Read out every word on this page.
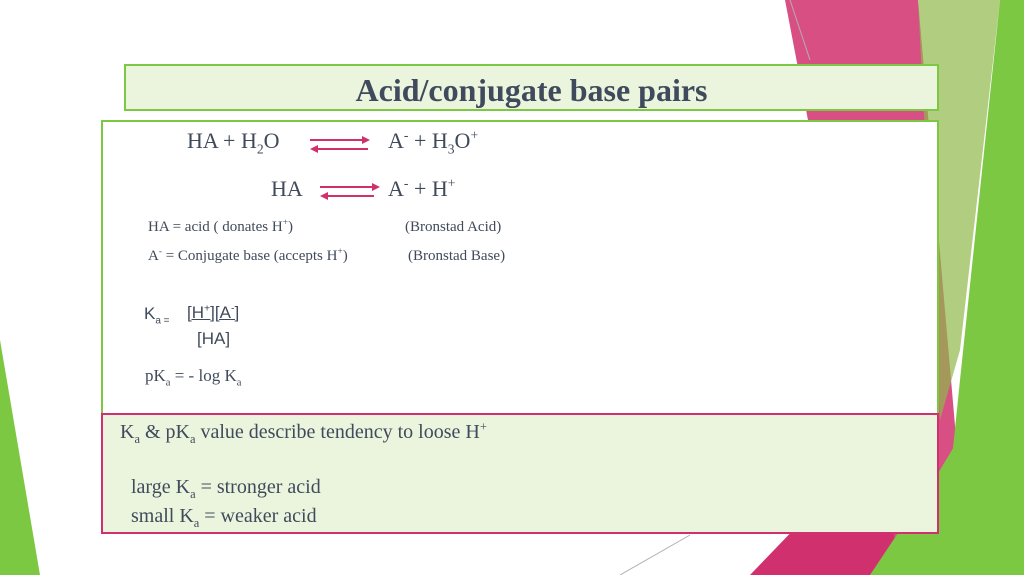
Acid/conjugate base pairs
HA + $H_2O$ ⇌ $A^- + H_3O^+$
HA ⇌ A- + H+
HA = acid ( donates H+)	(Bronstad Acid)
A- = Conjugate base (accepts H+)	(Bronstad Base)
$K_{a =}$ [H+][A-]
[HA]
$pK_a$ = - $\log K_a$
$K_a$ & $pK_a$ value describe tendency to loose H+
large $K_a$ = stronger acid
small $K_a$ = weaker acid
